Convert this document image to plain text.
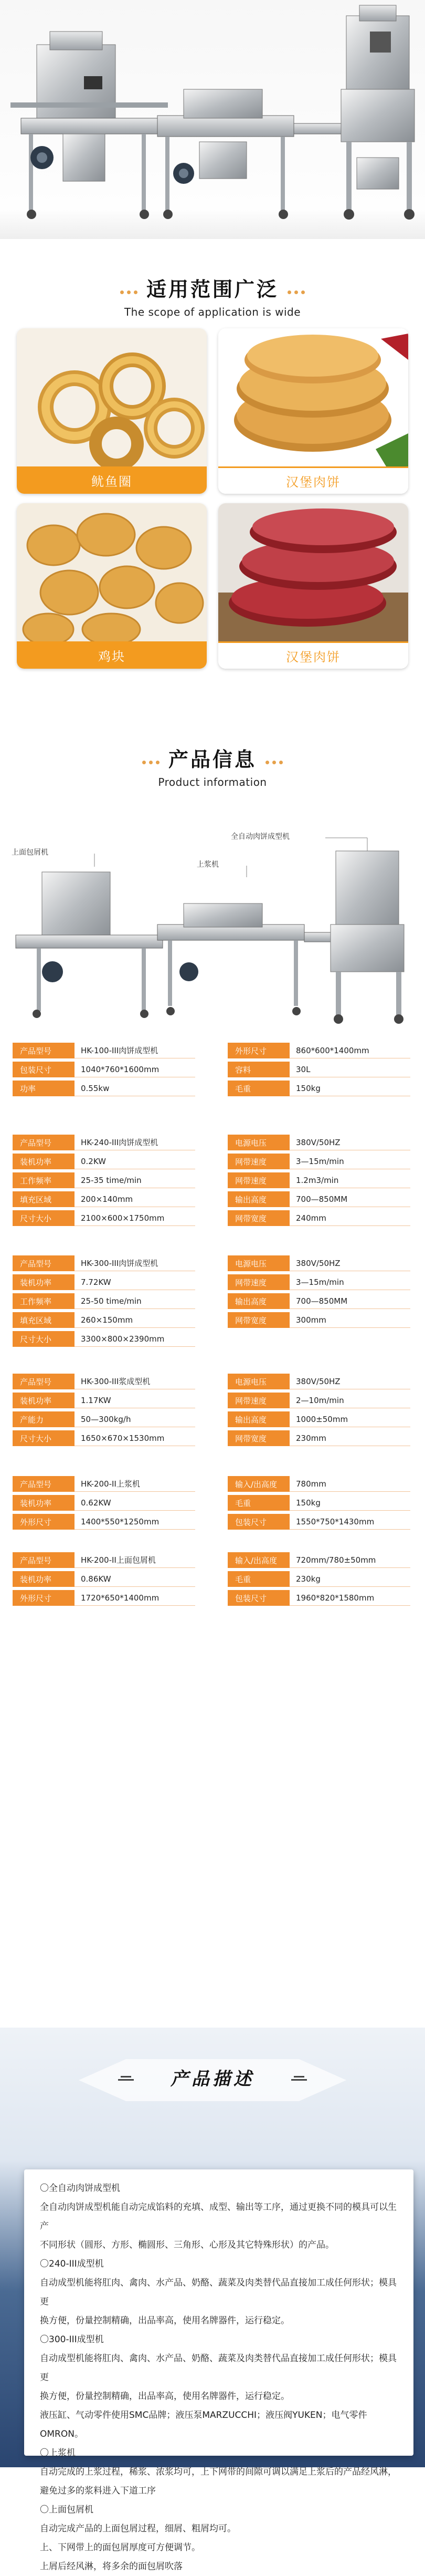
适用范围广泛
The scope of application is wide
鱿鱼圈	汉堡肉饼
鸡块	汉堡肉饼
产品信息
Product information
全自动肉饼成型机
上面包屑机
上浆机
产品型号	HK-100-III肉饼成型机
包装尺寸	1040*760*1600mm
功率	0.55kw
外形尺寸	860*600*1400mm
容料	30L
毛重	150kg
产品型号	HK-240-III肉饼成型机
装机功率	0.2KW
工作频率	25-35 time/min
填充区域	200×140mm
尺寸大小	2100×600×1750mm
电源电压	380V/50HZ
网带速度	3—15m/min
网带速度	1.2m3/min
输出高度	700—850MM
网带宽度	240mm
产品型号	HK-300-III肉饼成型机
装机功率	7.72KW
工作频率	25-50 time/min
填充区域	260×150mm
尺寸大小	3300×800×2390mm
电源电压	380V/50HZ
网带速度	3—15m/min
输出高度	700—850MM
网带宽度	300mm
产品型号	HK-300-III浆成型机
装机功率	1.17KW
产能力	50—300kg/h
尺寸大小	1650×670×1530mm
电源电压	380V/50HZ
网带速度	2—10m/min
输出高度	1000±50mm
网带宽度	230mm
产品型号	HK-200-II上浆机
装机功率	0.62KW
外形尺寸	1400*550*1250mm
输入/出高度	780mm
毛重	150kg
包装尺寸	1550*750*1430mm
产品型号	HK-200-II上面包屑机
装机功率	0.86KW
外形尺寸	1720*650*1400mm
输入/出高度	720mm/780±50mm
毛重	230kg
包装尺寸	1960*820*1580mm
产品描述

〇全自动肉饼成型机

全自动肉饼成型机能自动完成馅料的充填、成型、输出等工序，通过更换不同的模具可以生产

不同形状（圆形、方形、椭圆形、三角形、心形及其它特殊形状）的产品。

〇240-III成型机

自动成型机能将肛肉、禽肉、水产品、奶酪、蔬菜及肉类替代品直接加工成任何形状；模具更

换方便，份量控制精确，出品率高，使用名牌器件，运行稳定。

〇300-III成型机

自动成型机能将肛肉、禽肉、水产品、奶酪、蔬菜及肉类替代品直接加工成任何形状；模具更

换方便，份量控制精确，出品率高，使用名牌器件，运行稳定。

液压缸、气动零件使用SMC品牌；液压泵MARZUCCHI；液压阀YUKEN；电气零件OMRON。

〇上浆机

自动完成的上浆过程，稀浆、浓浆均可，上下网带的间隙可调以满足上浆后的产品经风淋，

避免过多的浆料进入下道工序

〇上面包屑机

自动完成产品的上面包屑过程，细屑、粗屑均可。

上、下网带上的面包屑厚度可方便调节。

上屑后经风淋，将多余的面包屑吹落
